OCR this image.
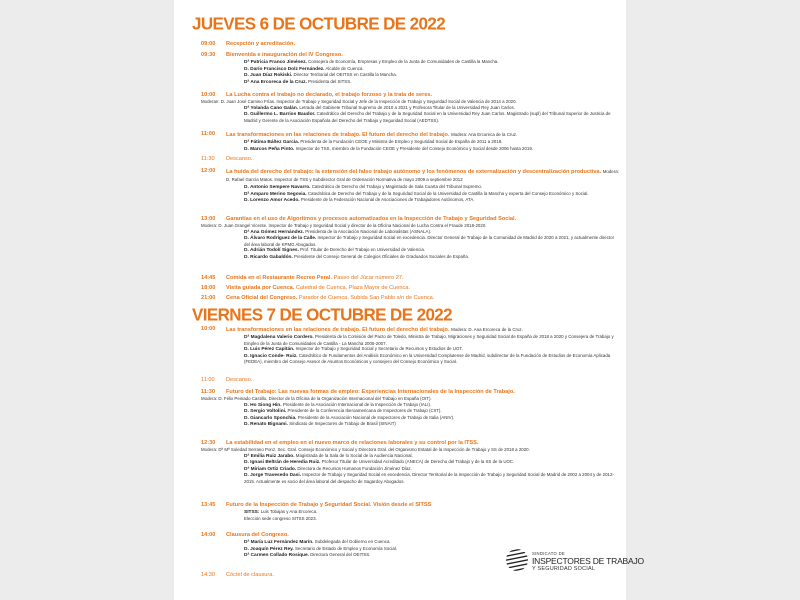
JUEVES 6 DE OCTUBRE DE 2022
09:00	Recepción y acreditación.
09:30	Bienvenida e inauguración del IV Congreso.
Dª Patricia Franco Jiménez. Consejera de Economía, Empresas y Empleo de la Junta de Comunidades de Castilla la Mancha.
D. Darío Francisco Dolz Fernández. Alcalde de Cuenca.
D. Juan Díaz Rokiski. Director Territorial del OEITSS en Castilla la Mancha.
Dª Ana Ercoreca de la Cruz. Presidenta del SITSS.
10:00	La Lucha contra el trabajo no declarado, el trabajo forzoso y la trata de seres.
Moderan: D. Juan José Camino Frías. Inspector de Trabajo y Seguridad Social y Jefe de la Inspección de Trabajo y Seguridad Social de Valencia de 2014 a 2020.
Dª Yolanda Cano Galán. Letrada del Gabinete Tribunal Supremo de 2010 a 2021 y Profesora Titular de la Universidad Rey Juan Carlos.
D. Guillermo L. Barrios Baudor. Catedrático del Derecho del Trabajo y de la Seguridad Social en la Universidad Rey Juan Carlos. Magistrado (supl) del Tribunal Superior de Justicia de Madrid y Gerente de la Asociación Española del Derecho del Trabajo y Seguridad Social (AEDTSS).
11:00	Las transformaciones en las relaciones de trabajo. El futuro del derecho del trabajo. Modera: Ana Ercoreca de la Cruz.
Dª Fátima Báñez García. Presidenta de la Fundación CEOE y Ministra de Empleo y Seguridad Social de España de 2011 a 2018.
D. Marcos Peña Pinto. Inspector de TSS, miembro de la Fundación CEOE y Presidente del Consejo Económico y Social desde 2006 hasta 2019.
11:30	Descanso.
12:00	La huida del derecho del trabajo: la extensión del falso trabajo autónomo y los fenómenos de externalización y descentralización productiva. Modera: D. Rafael García Matos. Inspector de TSS y Subdirector Gral de Ordenación Normativa de mayo 2009 a septiembre 2012
D. Antonio Sempere Navarro. Catedrático de Derecho del Trabajo y Magistrado de Sala Cuarta del Tribunal Supremo.
Dª Amparo Merino Segovia. Catedrática de Derecho del Trabajo y de la Seguridad Social de la Universidad de Castilla la Mancha y experta del Consejo Económico y Social.
D. Lorenzo Amor Acedo. Presidente de la Federación Nacional de Asociaciones de Trabajadores Autónomos, ATA.
13:00	Garantías en el uso de Algoritmos y procesos automatizados en la Inspección de Trabajo y Seguridad Social.
Modera: D. Juan Grangel Vicente. Inspector de Trabajo y Seguridad Social y director de la Oficina Nacional de Lucha Contra el Fraude 2018-2020.
Dª Ana Gómez Hernández. Presidenta de la Asociación Nacional de Laboralistas (ASNALA).
D. Álvaro Rodríguez de la Calle. Inspector de Trabajo y Seguridad Social en excedencia. Director General de Trabajo de la Comunidad de Madrid de 2020 a 2021, y actualmente director del área laboral de KPMG Abogados.
D. Adrián Todolí Signes. Prof. Titular de Derecho del Trabajo en Universidad de Valencia.
D. Ricardo Gabaldón. Presidente del Consejo General de Colegios Oficiales de Graduados Sociales de España.
14:45	Comida en el Restaurante Recreo Peral. Paseo del Júcar número 27.
18:00	Visita guiada por Cuenca. Catedral de Cuenca, Plaza Mayor de Cuenca.
21:00	Cena Oficial del Congreso. Parador de Cuenca, Subida San Pablo s/n de Cuenca.
VIERNES 7 DE OCTUBRE DE 2022
10:00	Las transformaciones en las relaciones de trabajo. El futuro del derecho del trabajo. Modera: D. Ana Ercoreca de la Cruz.
Dª Magdalena Valerio Cordero. Presidenta de la Comisión del Pacto de Toledo, Ministra de Trabajo, Migraciones y Seguridad Social de España de 2018 a 2020 y Consejera de Trabajo y Empleo de la Junta de Comunidades de Castilla - La Mancha 2005-2007.
D. Luis Pérez Capitán. Inspector de Trabajo y Seguridad Social y Secretario de Recursos y Estudios de UGT.
D. Ignacio Conde- Ruiz. Catedrático de Fundamentos del Análisis Económico en la Universidad Complutense de Madrid, subdirector de la Fundación de Estudios de Economía Aplicada (FEDEA), miembro del Consejo Asesor de Asuntos Económicos y consejero del Consejo Económico y Social.
11:00	Descanso.
11:30	Futuro del Trabajo: Las nuevas formas de empleo: Experiencias Internacionales de la Inspección de Trabajo.
Modera: D. Félix Peinado Castillo. Director de la Oficina de la Organización Internacional del Trabajo en España (OIT).
D. Ho Siong Hin. Presidente de la Asociación Internacional de la Inspección de Trabajo (IALI).
D. Sergio Voltolini. Presidente de la Conferencia Iberoamericana de Inspectores de Trabajo (CIIT).
D. Giancarlo Sponchia. Presidente de la Asociación Nacional de Inspectores de Trabajo de Italia (ANIV).
D. Renato Bignami. Sindicato de Inspectores de Trabajo de Brasil (SINAIT)
12:30	La estabilidad en el empleo en el nuevo marco de relaciones laborales y su control por la ITSS.
Modera: Dª Mª Soledad Serrano Ponz. Sec. Gral. Consejo Económico y Social y Directora Gral. del Organismo Estatal de la Inspección de Trabajo y SS de 2018 a 2020.
Dª Emilia Ruiz Jarabo. Magistrada de la Sala de lo Social de la Audiencia Nacional.
D. Ignasi Beltrán de Heredia Ruiz. Profesor Titular de Universidad Acreditado (ANECA) de Derecho del Trabajo y de la SS de la UOC.
Dª Miriam Ortiz Criado. Directora de Recursos Humanos Fundación Jiménez Díaz.
D. Jorge Travesedo Dasi. Inspector de Trabajo y Seguridad Social en excedencia, Director Territorial de la Inspección de Trabajo y Seguridad Social de Madrid de 2002 a 2004 y de 2012-2015. Actualmente es socio del área laboral del despacho de Sagardoy Abogados.
13:45	Futuro de la Inspección de Trabajo y Seguridad Social. Visión desde el SITSS
SITSS: Luis Tobajas y Ana Ercoreca.
Elección sede congreso SITSS 2023.
14:00	Clausura del Congreso.
Dª María Luz Fernández Marín. Subdelegada del Gobierno en Cuenca.
D. Joaquín Pérez Rey. Secretario de Estado de Empleo y Economía Social.
Dª Carmen Collado Rosique. Directora General del OEITSS.
14:30	Cóctel de clausura.
SINDICATO DE
INSPECTORES DE TRABAJO
Y SEGURIDAD SOCIAL
